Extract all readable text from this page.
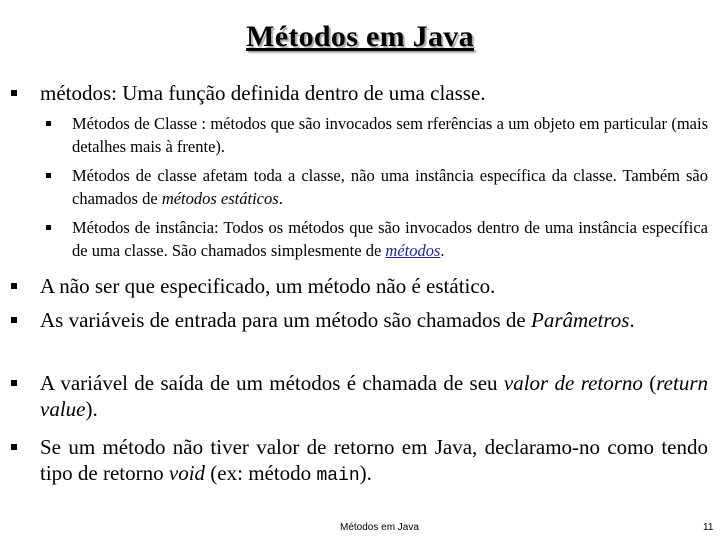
Métodos em Java
métodos: Uma função definida dentro de uma classe.
Métodos de Classe : métodos que são invocados sem rferências a um objeto em particular (mais detalhes mais à frente).
Métodos de classe afetam toda a classe, não uma instância específica da classe. Também são chamados de métodos estáticos.
Métodos de instância: Todos os métodos que são invocados dentro de uma instância específica de uma classe. São chamados simplesmente de métodos.
A não ser que especificado, um método não é estático.
As variáveis de entrada para um método são chamados de Parâmetros.
A variável de saída de um métodos é chamada de seu valor de retorno (return value).
Se um método não tiver valor de retorno em Java, declaramo-no como tendo tipo de retorno void (ex: método main).
Métodos em Java	11
